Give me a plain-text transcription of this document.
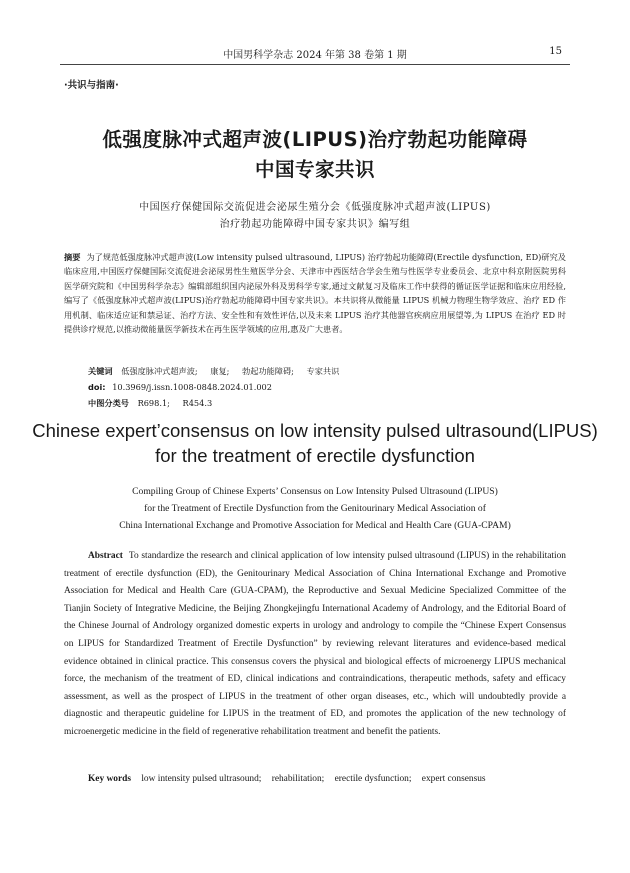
中国男科学杂志 2024 年第 38 卷第 1 期	15
·共识与指南·
低强度脉冲式超声波(LIPUS)治疗勃起功能障碍
中国专家共识
中国医疗保健国际交流促进会泌尿生殖分会《低强度脉冲式超声波(LIPUS)
治疗勃起功能障碍中国专家共识》编写组
摘要 为了规范低强度脉冲式超声波(Low intensity pulsed ultrasound, LIPUS) 治疗勃起功能障碍(Erectile dysfunction, ED)研究及临床应用,中国医疗保健国际交流促进会泌尿男性生殖医学分会、天津市中西医结合学会生殖与性医学专业委员会、北京中科京附医院男科医学研究院和《中国男科学杂志》编辑部组织国内泌尿外科及男科学专家,通过文献复习及临床工作中获得的循证医学证据和临床应用经验,编写了《低强度脉冲式超声波(LIPUS)治疗勃起功能障碍中国专家共识》。本共识将从微能量 LIPUS 机械力物理生物学效应、治疗 ED 作用机制、临床适应证和禁忌证、治疗方法、安全性和有效性评估,以及未来 LIPUS 治疗其他器官疾病应用展望等,为 LIPUS 在治疗 ED 时提供诊疗规范,以推动微能量医学新技术在再生医学领域的应用,惠及广大患者。
关键词 低强度脉冲式超声波; 康复; 勃起功能障碍; 专家共识
doi: 10.3969/j.issn.1008-0848.2024.01.002
中图分类号 R698.1; R454.3
Chinese expert’consensus on low intensity pulsed ultrasound(LIPUS)
for the treatment of erectile dysfunction
Compiling Group of Chinese Experts’ Consensus on Low Intensity Pulsed Ultrasound (LIPUS)
for the Treatment of Erectile Dysfunction from the Genitourinary Medical Association of
China International Exchange and Promotive Association for Medical and Health Care (GUA-CPAM)
Abstract To standardize the research and clinical application of low intensity pulsed ultrasound (LIPUS) in the rehabilitation treatment of erectile dysfunction (ED), the Genitourinary Medical Association of China International Exchange and Promotive Association for Medical and Health Care (GUA-CPAM), the Reproductive and Sexual Medicine Specialized Committee of the Tianjin Society of Integrative Medicine, the Beijing Zhongkejingfu International Academy of Andrology, and the Editorial Board of the Chinese Journal of Andrology organized domestic experts in urology and andrology to compile the “Chinese Expert Consensus on LIPUS for Standardized Treatment of Erectile Dysfunction” by reviewing relevant literatures and evidence-based medical evidence obtained in clinical practice. This consensus covers the physical and biological effects of microenergy LIPUS mechanical force, the mechanism of the treatment of ED, clinical indications and contraindications, therapeutic methods, safety and efficacy assessment, as well as the prospect of LIPUS in the treatment of other organ diseases, etc., which will undoubtedly provide a diagnostic and therapeutic guideline for LIPUS in the treatment of ED, and promotes the application of the new technology of microenergetic medicine in the field of regenerative rehabilitation treatment and benefit the patients.
Key words low intensity pulsed ultrasound; rehabilitation; erectile dysfunction; expert consensus
